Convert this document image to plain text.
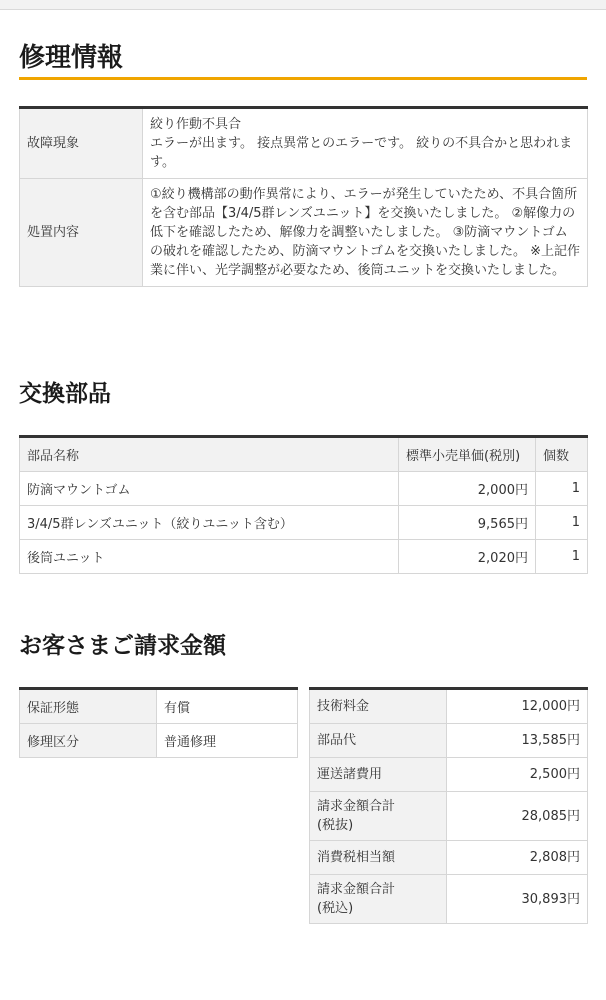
修理情報
故障現象	絞り作動不具合
エラーが出ます。 接点異常とのエラーです。 絞りの不具合かと思われます。

処置内容	①絞り機構部の動作異常により、エラーが発生していたため、不具合箇所を含む部品【3/4/5群レンズユニット】を交換いたしました。 ②解像力の低下を確認したため、解像力を調整いたしました。 ③防滴マウントゴムの破れを確認したため、防滴マウントゴムを交換いたしました。 ※上記作業に伴い、光学調整が必要なため、後筒ユニットを交換いたしました。
交換部品
部品名称	標準小売単価(税別)	個数
防滴マウントゴム	2,000円	1
3/4/5群レンズユニット（絞りユニット含む）	9,565円	1
後筒ユニット	2,020円	1
お客さまご請求金額
保証形態	有償
修理区分	普通修理
技術料金	12,000円
部品代	13,585円
運送諸費用	2,500円

請求金額合計
(税抜)	28,085円
消費税相当額	2,808円

請求金額合計
(税込)	30,893円
